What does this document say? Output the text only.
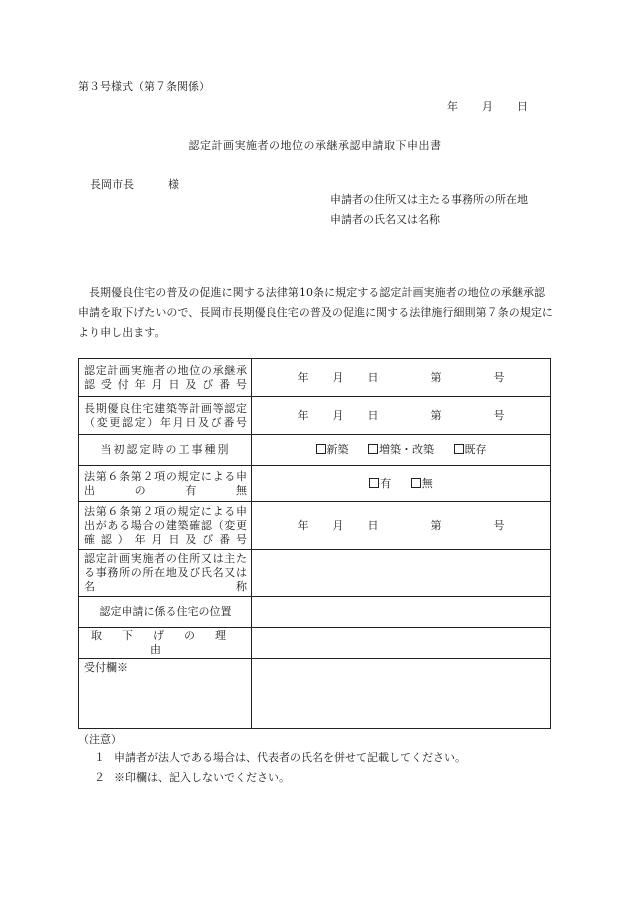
第３号様式（第７条関係）
年 月 日
認定計画実施者の地位の承継承認申請取下申出書
長岡市長	様
申請者の住所又は主たる事務所の所在地
申請者の氏名又は名称
長期優良住宅の普及の促進に関する法律第10条に規定する認定計画実施者の地位の承継承認申請を取下げたいので、長岡市長期優良住宅の普及の促進に関する法律施行細則第７条の規定により申し出ます。
認定計画実施者の地位の承継承認受付年月日及び番号	年 月 日 第 号
長期優良住宅建築等計画等認定（変更認定）年月日及び番号	年 月 日 第 号
当初認定時の工事種別	新築 増築・改築 既存
法第６条第２項の規定による申出の有無	有 無
法第６条第２項の規定による申出がある場合の建築確認（変更確認）年月日及び番号	年 月 日 第 号
認定計画実施者の住所又は主たる事務所の所在地及び氏名又は名称	
認定申請に係る住宅の位置	
取下げの理由	
受付欄※	
（注意）
１ 申請者が法人である場合は、代表者の氏名を併せて記載してください。
２ ※印欄は、記入しないでください。
